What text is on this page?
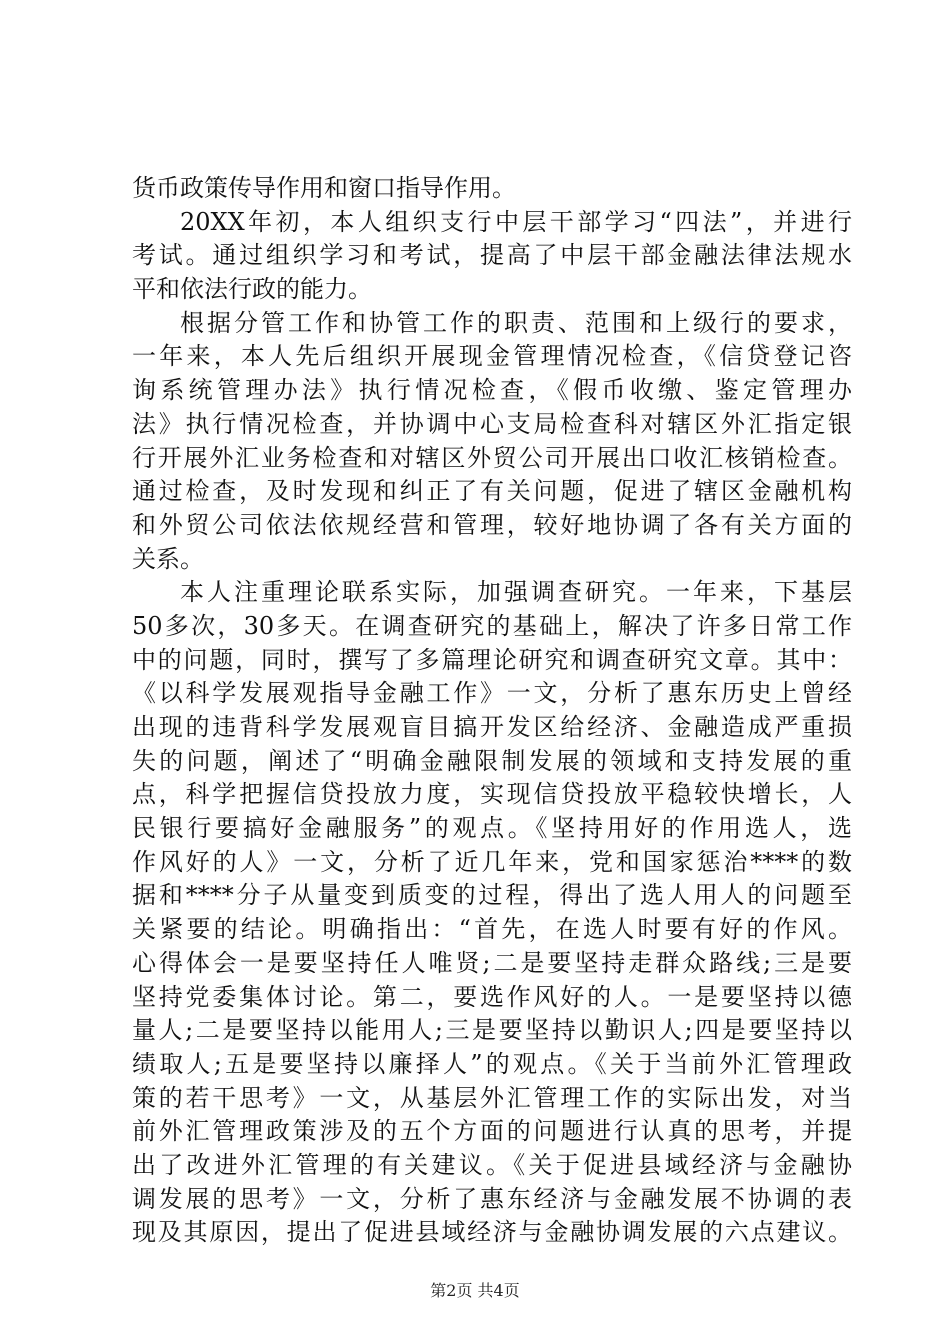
货币政策传导作用和窗口指导作用。
20XX年初，本人组织支行中层干部学习“四法”，并进行
考试。通过组织学习和考试，提高了中层干部金融法律法规水
平和依法行政的能力。
根据分管工作和协管工作的职责、范围和上级行的要求，
一年来，本人先后组织开展现金管理情况检查，《信贷登记咨
询系统管理办法》执行情况检查，《假币收缴、鉴定管理办
法》执行情况检查，并协调中心支局检查科对辖区外汇指定银
行开展外汇业务检查和对辖区外贸公司开展出口收汇核销检查。
通过检查，及时发现和纠正了有关问题，促进了辖区金融机构
和外贸公司依法依规经营和管理，较好地协调了各有关方面的
关系。
本人注重理论联系实际，加强调查研究。一年来，下基层
50多次，30多天。在调查研究的基础上，解决了许多日常工作
中的问题，同时，撰写了多篇理论研究和调查研究文章。其中：
《以科学发展观指导金融工作》一文，分析了惠东历史上曾经
出现的违背科学发展观盲目搞开发区给经济、金融造成严重损
失的问题，阐述了“明确金融限制发展的领域和支持发展的重
点，科学把握信贷投放力度，实现信贷投放平稳较快增长，人
民银行要搞好金融服务”的观点。《坚持用好的作用选人，选
作风好的人》一文，分析了近几年来，党和国家惩治****的数
据和****分子从量变到质变的过程，得出了选人用人的问题至
关紧要的结论。明确指出：“首先，在选人时要有好的作风。
心得体会一是要坚持任人唯贤;二是要坚持走群众路线;三是要
坚持党委集体讨论。第二，要选作风好的人。一是要坚持以德
量人;二是要坚持以能用人;三是要坚持以勤识人;四是要坚持以
绩取人;五是要坚持以廉择人”的观点。《关于当前外汇管理政
策的若干思考》一文，从基层外汇管理工作的实际出发，对当
前外汇管理政策涉及的五个方面的问题进行认真的思考，并提
出了改进外汇管理的有关建议。《关于促进县域经济与金融协
调发展的思考》一文，分析了惠东经济与金融发展不协调的表
现及其原因，提出了促进县域经济与金融协调发展的六点建议。
第2页 共4页
